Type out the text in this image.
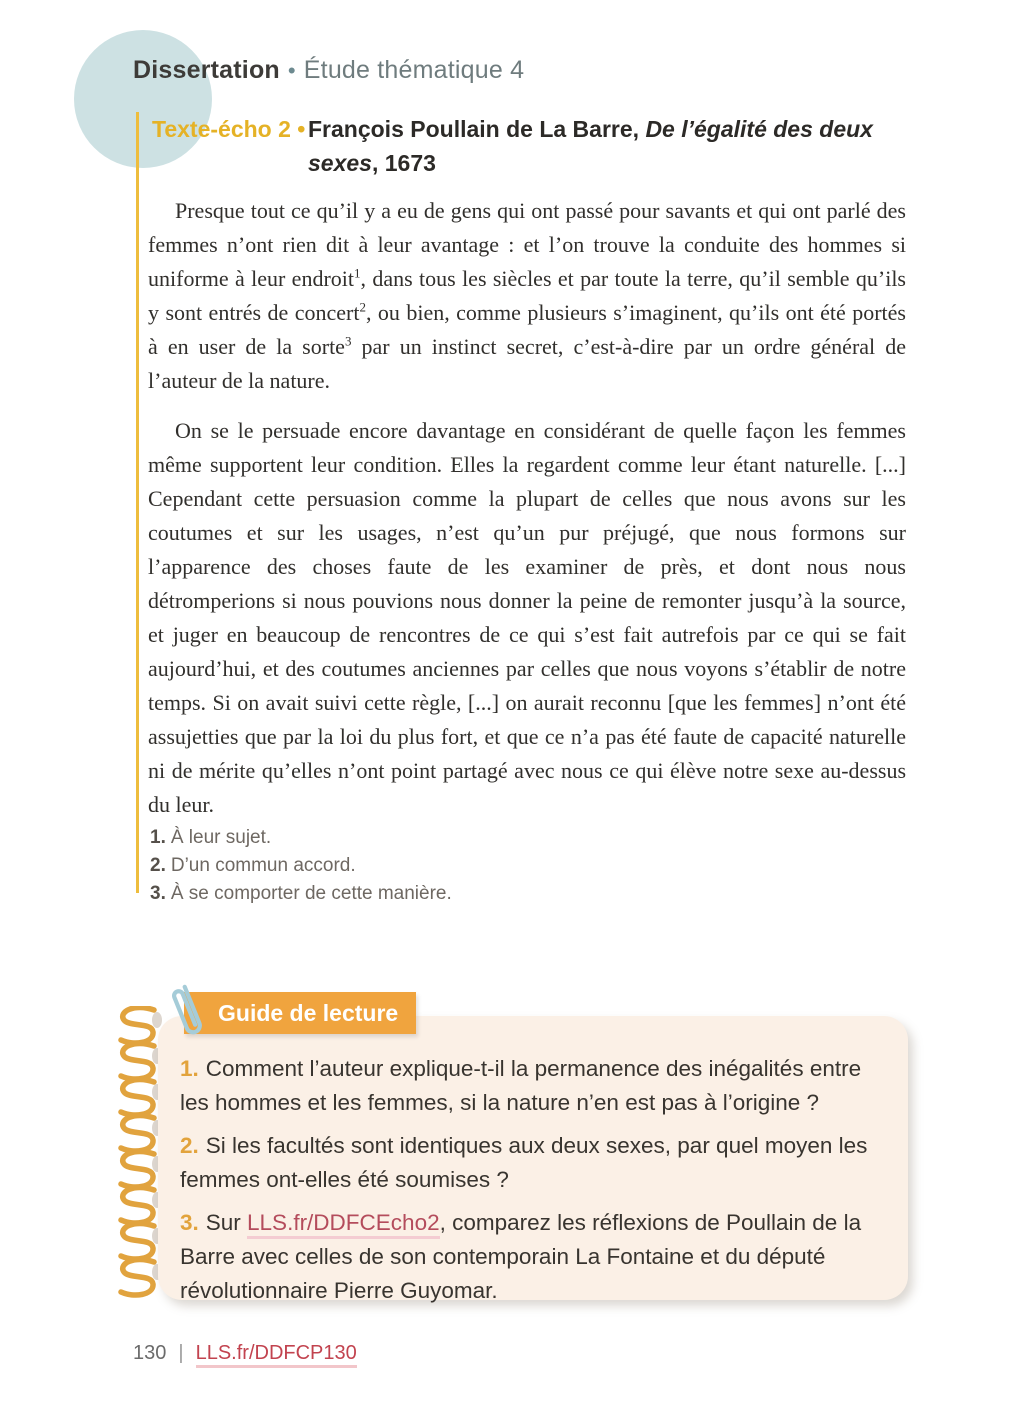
Dissertation • Étude thématique 4
Texte-écho 2 • François Poullain de La Barre, De l’égalité des deux sexes, 1673

Presque tout ce qu’il y a eu de gens qui ont passé pour savants et qui ont parlé des femmes n’ont rien dit à leur avantage : et l’on trouve la conduite des hommes si uniforme à leur endroit$^1$, dans tous les siècles et par toute la terre, qu’il semble qu’ils y sont entrés de concert$^2$, ou bien, comme plusieurs s’imaginent, qu’ils ont été portés à en user de la sorte$^3$ par un instinct secret, c’est-à-dire par un ordre général de l’auteur de la nature.

On se le persuade encore davantage en considérant de quelle façon les femmes même supportent leur condition. Elles la regardent comme leur étant naturelle. [...] Cependant cette persuasion comme la plupart de celles que nous avons sur les coutumes et sur les usages, n’est qu’un pur préjugé, que nous formons sur l’apparence des choses faute de les examiner de près, et dont nous nous détromperions si nous pouvions nous donner la peine de remonter jusqu’à la source, et juger en beaucoup de rencontres de ce qui s’est fait autrefois par ce qui se fait aujourd’hui, et des coutumes anciennes par celles que nous voyons s’établir de notre temps. Si on avait suivi cette règle, [...] on aurait reconnu [que les femmes] n’ont été assujetties que par la loi du plus fort, et que ce n’a pas été faute de capacité naturelle ni de mérite qu’elles n’ont point partagé avec nous ce qui élève notre sexe au-dessus du leur.

1. À leur sujet.
2. D’un commun accord.
3. À se comporter de cette manière.
Guide de lecture

1. Comment l’auteur explique-t-il la permanence des inégalités entre les hommes et les femmes, si la nature n’en est pas à l’origine ?

2. Si les facultés sont identiques aux deux sexes, par quel moyen les femmes ont-elles été soumises ?

3. Sur LLS.fr/DDFCEcho2, comparez les réflexions de Poullain de la Barre avec celles de son contemporain La Fontaine et du député révolutionnaire Pierre Guyomar.

130 | LLS.fr/DDFCP130
